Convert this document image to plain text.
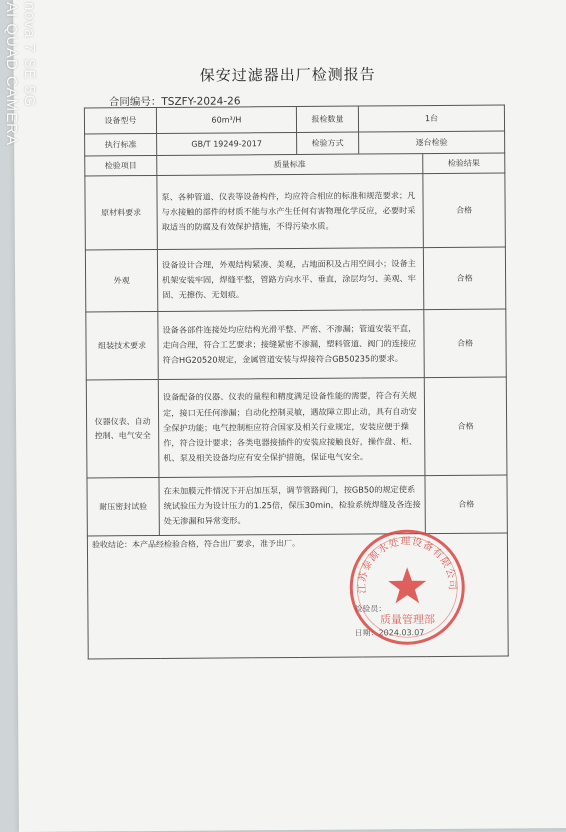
保安过滤器出厂检测报告
合同编号：TSZFY-2024-26
设备型号	60m³/H	报检数量	1台	
执行标准	GB/T 19249-2017	检验方式	逐台检验	
检验项目	质量标准			检验结果
原材料要求	泵、各种管道、仪表等设备构件，均应符合相应的标准和规范要求；凡与水接触的部件的材质不能与水产生任何有害物理化学反应，必要时采取适当的防腐及有效保护措施，不得污染水质。			合格
外观	设备设计合理，外观结构紧凑、美观，占地面积及占用空间小；设备主机架安装牢固，焊缝平整，管路方向水平、垂直，涂层均匀、美观、牢固、无擦伤、无划痕。			合格
组装技术要求	设备各部件连接处均应结构光滑平整、严密、不渗漏；管道安装平直，走向合理，符合工艺要求；接缝紧密不渗漏，塑料管道、阀门的连接应符合HG20520规定，金属管道安装与焊接符合GB50235的要求。			合格
仪器仪表、自动控制、电气安全	设备配备的仪器、仪表的量程和精度满足设备性能的需要，符合有关规定，接口无任何渗漏；自动化控制灵敏，遇故障立即止动，具有自动安全保护功能；电气控制柜应符合国家及相关行业规定，安装应便于操作，符合设计要求；各类电器接插件的安装应接触良好，操作盘、柜、机、泵及相关设备均应有安全保护措施，保证电气安全。			合格
耐压密封试验	在未加膜元件情况下开启加压泵，调节管路阀门，按GB50的规定使系统试验压力为设计压力的1.25倍，保压30min，检验系统焊缝及各连接处无渗漏和异常变形。			合格
验收结论：本产品经检验合格，符合出厂要求，准予出厂。
检验员：
日期：2024.03.07				
江苏泰源水处理设备有限公司
质量管理部
nova 7 SE 5G
AI QUAD CAMERA
